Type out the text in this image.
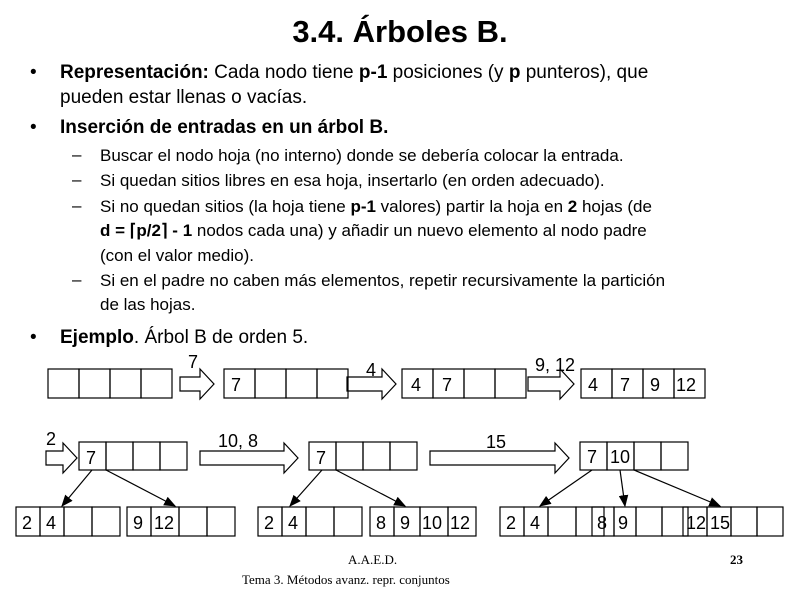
3.4. Árboles B.
• Representación: Cada nodo tiene p-1 posiciones (y p punteros), que
pueden estar llenas o vacías.
• Inserción de entradas en un árbol B.
– Buscar el nodo hoja (no interno) donde se debería colocar la entrada.
– Si quedan sitios libres en esa hoja, insertarlo (en orden adecuado).
– Si no quedan sitios (la hoja tiene p-1 valores) partir la hoja en 2 hojas (de
d = ⌈p/2⌉ - 1 nodos cada una) y añadir un nuevo elemento al nodo padre
(con el valor medio).
– Si en el padre no caben más elementos, repetir recursivamente la partición
de las hojas.
• Ejemplo. Árbol B de orden 5.
7
7
4
4 7
9, 12
4 7 9 12
2
7
10, 8
7
15
7 10
2 4	9 12	2 4	8 9 10 12 2 4	8 9	12 15
A.A.E.D.
Tema 3. Métodos avanz. repr. conjuntos
23
